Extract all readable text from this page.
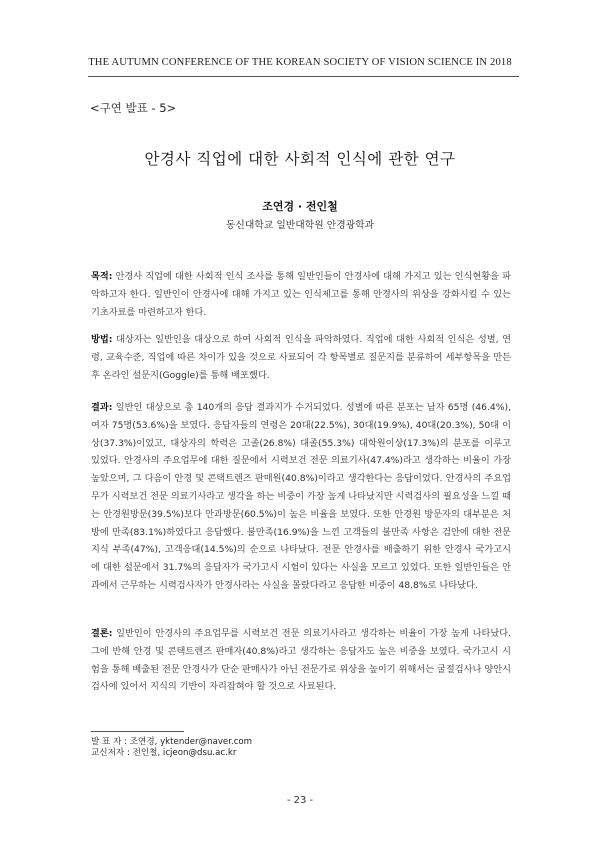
THE AUTUMN CONFERENCE OF THE KOREAN SOCIETY OF VISION SCIENCE IN 2018
<구연 발표 - 5>
안경사 직업에 대한 사회적 인식에 관한 연구
조연경 · 전인철
동신대학교 일반대학원 안경광학과

목적: 안경사 직업에 대한 사회적 인식 조사를 통해 일반인들이 안경사에 대해 가지고 있는 인식현황을 파악하고자 한다. 일반인이 안경사에 대해 가지고 있는 인식제고를 통해 안경사의 위상을 강화시킬 수 있는 기초자료를 마련하고자 한다.

방법: 대상자는 일반인을 대상으로 하여 사회적 인식을 파악하였다. 직업에 대한 사회적 인식은 성별, 연령, 교육수준, 직업에 따른 차이가 있을 것으로 사료되어 각 항목별로 질문지를 분류하여 세부항목을 만든 후 온라인 설문지(Goggle)를 통해 배포했다.

결과: 일반인 대상으로 총 140개의 응답 결과지가 수거되었다. 성별에 따른 분포는 남자 65명 (46.4%), 여자 75명(53.6%)을 보였다. 응답자들의 연령은 20대(22.5%), 30대(19.9%), 40대(20.3%), 50대 이상(37.3%)이었고, 대상자의 학력은 고졸(26.8%) 대졸(55.3%) 대학원이상(17.3%)의 분포를 이루고 있었다. 안경사의 주요업무에 대한 질문에서 시력보건 전문 의료기사(47.4%)라고 생각하는 비율이 가장 높았으며, 그 다음이 안경 및 콘택트렌즈 판매원(40.8%)이라고 생각한다는 응답이었다. 안경사의 주요업무가 시력보건 전문 의료기사라고 생각을 하는 비중이 가장 높게 나타났지만 시력검사의 필요성을 느낄 때는 안경원방문(39.5%)보다 안과방문(60.5%)이 높은 비율을 보였다. 또한 안경원 방문자의 대부분은 처방에 만족(83.1%)하였다고 응답했다. 불만족(16.9%)을 느낀 고객들의 불만족 사항은 검안에 대한 전문지식 부족(47%), 고객응대(14.5%)의 순으로 나타났다. 전문 안경사를 배출하기 위한 안경사 국가고시 에 대한 설문에서 31.7%의 응답자가 국가고시 시험이 있다는 사실을 모르고 있었다. 또한 일반인들은 안과에서 근무하는 시력검사자가 안경사라는 사실을 몰랐다라고 응답한 비중이 48.8%로 나타났다.

결론: 일반인이 안경사의 주요업무를 시력보건 전문 의료기사라고 생각하는 비율이 가장 높게 나타났다. 그에 반해 안경 및 콘택트렌즈 판매자(40.8%)라고 생각하는 응답자도 높은 비중을 보였다. 국가고시 시험을 통해 배출된 전문 안경사가 단순 판매사가 아닌 전문가로 위상을 높이기 위해서는 굴절검사나 양안시검사에 있어서 지식의 기반이 자리잡혀야 할 것으로 사료된다.

발 표 자 : 조연경, yktender@naver.com
교신저자 : 전인철, icjeon@dsu.ac.kr
- 23 -
